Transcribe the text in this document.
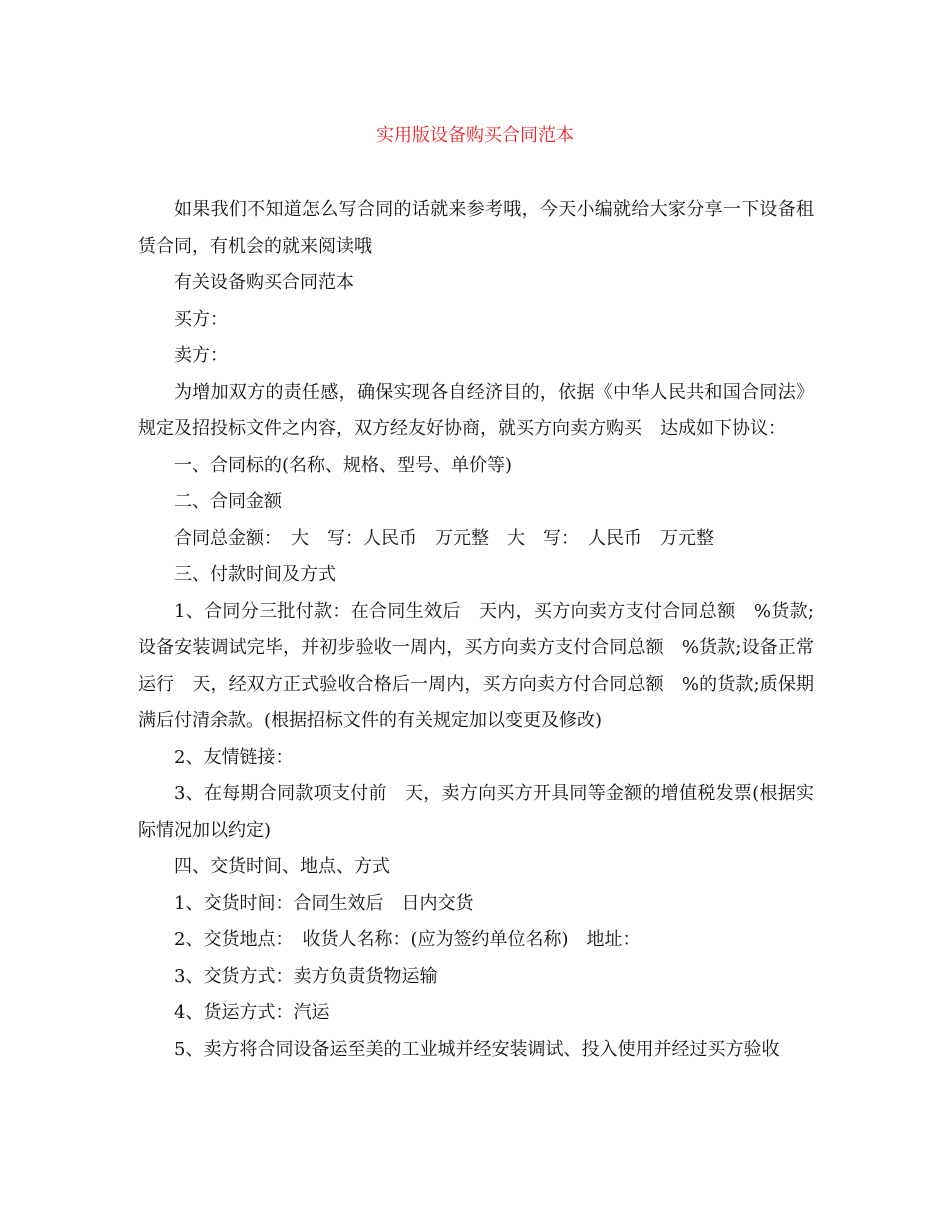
实用版设备购买合同范本

如果我们不知道怎么写合同的话就来参考哦，今天小编就给大家分享一下设备租赁合同，有机会的就来阅读哦

有关设备购买合同范本

买方：

卖方：

为增加双方的责任感，确保实现各自经济目的，依据《中华人民共和国合同法》规定及招投标文件之内容，双方经友好协商，就买方向卖方购买　达成如下协议：

一、合同标的(名称、规格、型号、单价等)

二、合同金额

合同总金额：　大　写：人民币　万元整　大　写：　人民币　万元整

三、付款时间及方式

1、合同分三批付款：在合同生效后　天内，买方向卖方支付合同总额　%货款;设备安装调试完毕，并初步验收一周内，买方向卖方支付合同总额　%货款;设备正常运行　天，经双方正式验收合格后一周内，买方向卖方付合同总额　%的货款;质保期满后付清余款。(根据招标文件的有关规定加以变更及修改)

2、友情链接：

3、在每期合同款项支付前　天，卖方向买方开具同等金额的增值税发票(根据实际情况加以约定)

四、交货时间、地点、方式

1、交货时间：合同生效后　日内交货

2、交货地点：　收货人名称：(应为签约单位名称)　地址：

3、交货方式：卖方负责货物运输

4、货运方式：汽运

5、卖方将合同设备运至美的工业城并经安装调试、投入使用并经过买方验收
